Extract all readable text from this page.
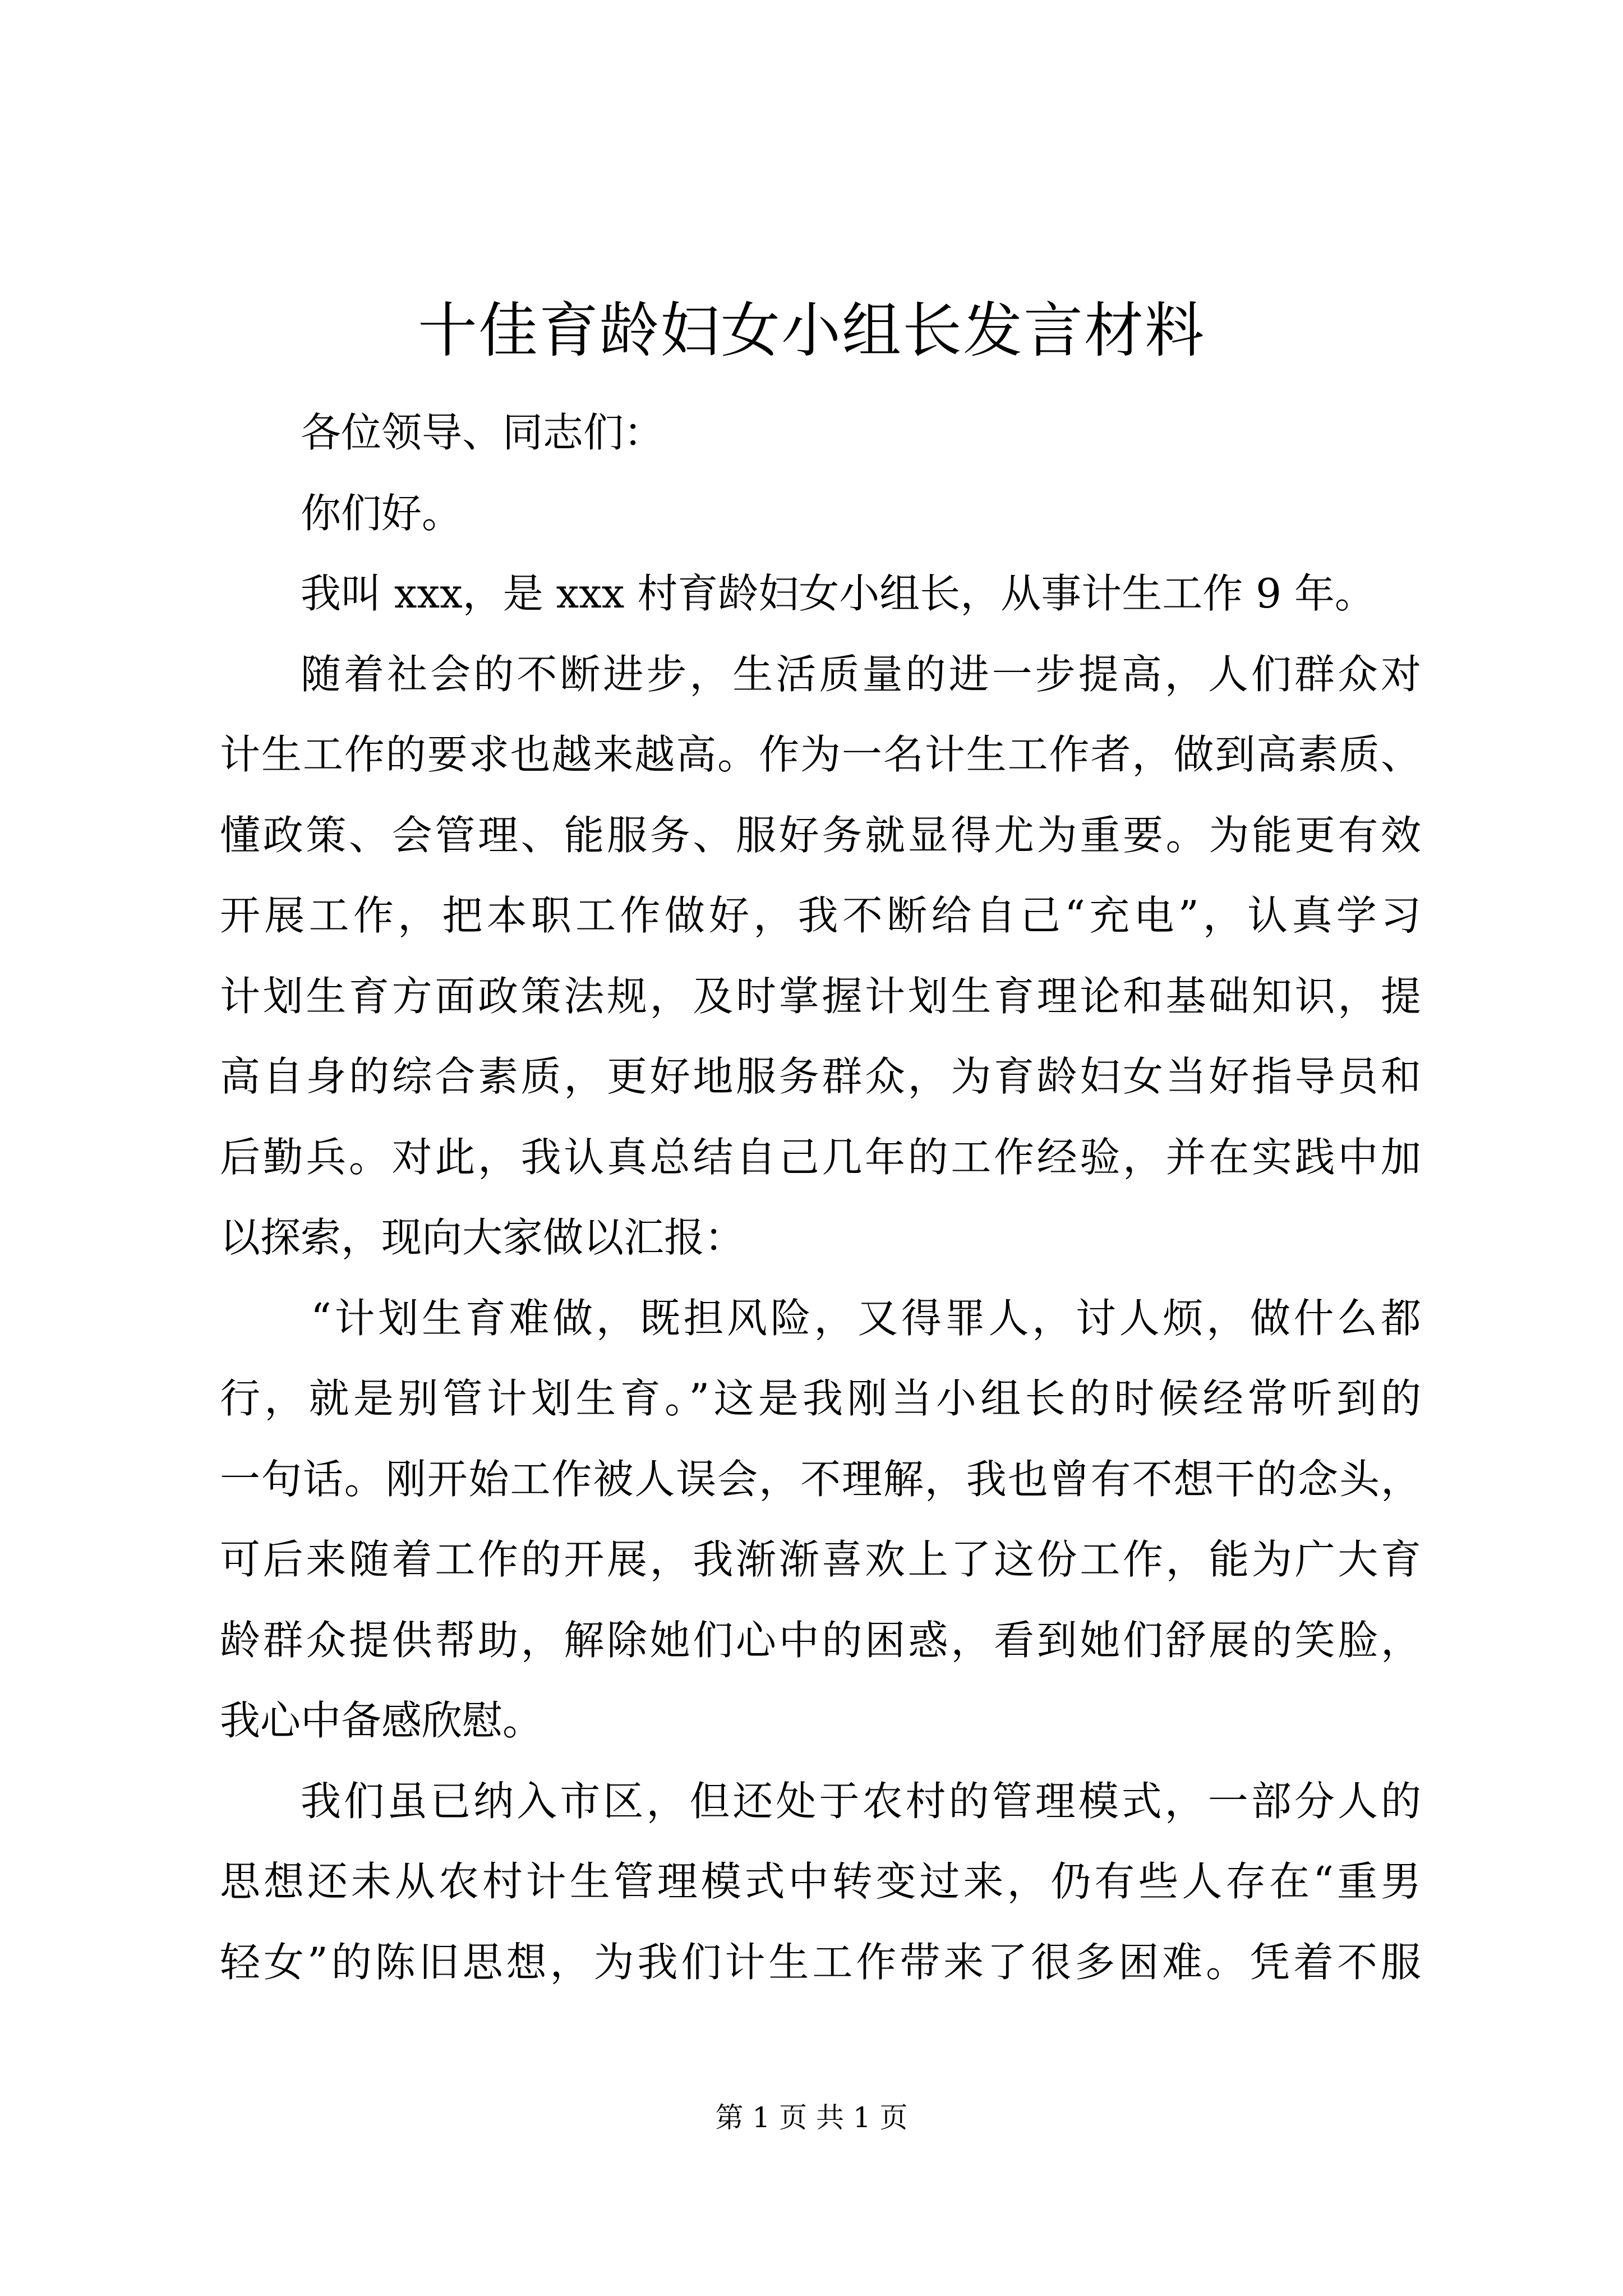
十佳育龄妇女小组长发言材料
各位领导、同志们：
你们好。
我叫 xxx，是 xxx 村育龄妇女小组长，从事计生工作 9 年。
随着社会的不断进步，生活质量的进一步提高，人们群众对
计生工作的要求也越来越高。作为一名计生工作者，做到高素质、
懂政策、会管理、能服务、服好务就显得尤为重要。为能更有效
开展工作，把本职工作做好，我不断给自己“充电”，认真学习
计划生育方面政策法规，及时掌握计划生育理论和基础知识，提
高自身的综合素质，更好地服务群众，为育龄妇女当好指导员和
后勤兵。对此，我认真总结自己几年的工作经验，并在实践中加
以探索，现向大家做以汇报：
“计划生育难做，既担风险，又得罪人，讨人烦，做什么都
行，就是别管计划生育。”这是我刚当小组长的时候经常听到的
一句话。刚开始工作被人误会，不理解，我也曾有不想干的念头，
可后来随着工作的开展，我渐渐喜欢上了这份工作，能为广大育
龄群众提供帮助，解除她们心中的困惑，看到她们舒展的笑脸，
我心中备感欣慰。
我们虽已纳入市区，但还处于农村的管理模式，一部分人的
思想还未从农村计生管理模式中转变过来，仍有些人存在“重男
轻女”的陈旧思想，为我们计生工作带来了很多困难。凭着不服
第 1 页 共 1 页
